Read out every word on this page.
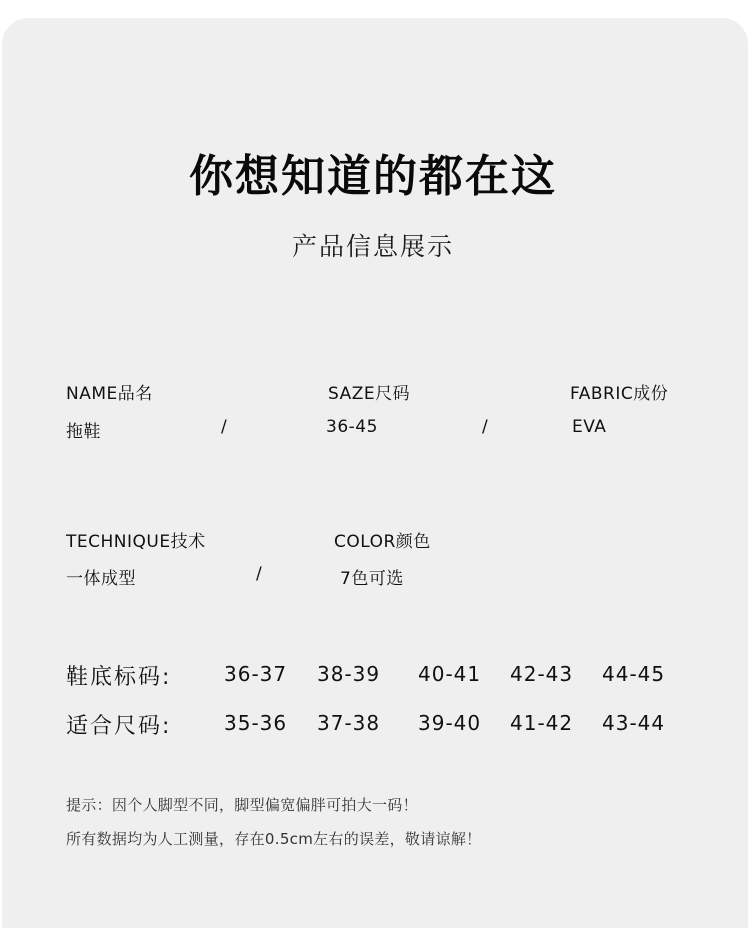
你想知道的都在这
产品信息展示
NAME品名	SAZE尺码	FABRIC成份
拖鞋	/	36-45	/	EVA
TECHNIQUE技术	COLOR颜色
一体成型	/	7色可选
鞋底标码:	36-37 38-39 40-41 42-43 44-45
适合尺码:	35-36 37-38 39-40 41-42 43-44
提示：因个人脚型不同，脚型偏宽偏胖可拍大一码！
所有数据均为人工测量，存在0.5cm左右的误差，敬请谅解！
